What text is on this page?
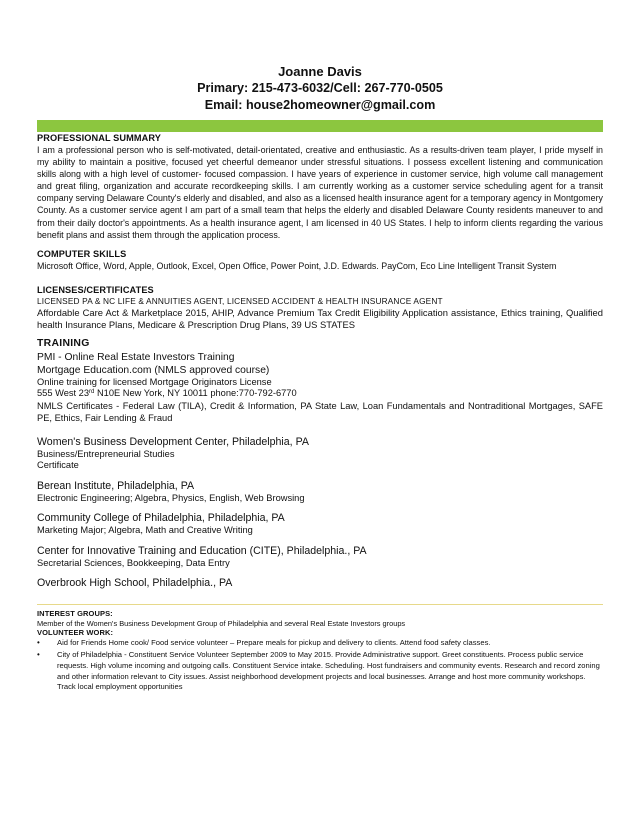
Joanne Davis
Primary: 215-473-6032/Cell: 267-770-0505
Email: house2homeowner@gmail.com
PROFESSIONAL SUMMARY
I am a professional person who is self-motivated, detail-orientated, creative and enthusiastic. As a results-driven team player, I pride myself in my ability to maintain a positive, focused yet cheerful demeanor under stressful situations. I possess excellent listening and communication skills along with a high level of customer- focused compassion. I have years of experience in customer service, high volume call management and great filing, organization and accurate recordkeeping skills. I am currently working as a customer service scheduling agent for a transit company serving Delaware County's elderly and disabled, and also as a licensed health insurance agent for a temporary agency in Montgomery County. As a customer service agent I am part of a small team that helps the elderly and disabled Delaware County residents maneuver to and from their daily doctor's appointments. As a health insurance agent, I am licensed in 40 US States. I help to inform clients regarding the various benefit plans and assist them through the application process.
COMPUTER SKILLS
Microsoft Office, Word, Apple, Outlook, Excel, Open Office, Power Point, J.D. Edwards. PayCom, Eco Line Intelligent Transit System
LICENSES/CERTIFICATES
LICENSED PA & NC LIFE & ANNUITIES AGENT, LICENSED ACCIDENT & HEALTH INSURANCE AGENT
Affordable Care Act & Marketplace 2015, AHIP, Advance Premium Tax Credit Eligibility Application assistance, Ethics training, Qualified health Insurance Plans, Medicare & Prescription Drug Plans, 39 US STATES
TRAINING
PMI - Online Real Estate Investors Training
Mortgage Education.com (NMLS approved course)
Online training for licensed Mortgage Originators License
555 West 23rd N10E New York, NY 10011 phone:770-792-6770
NMLS Certificates - Federal Law (TILA), Credit & Information, PA State Law, Loan Fundamentals and Nontraditional Mortgages, SAFE PE, Ethics, Fair Lending & Fraud
Women's Business Development Center, Philadelphia, PA
Business/Entrepreneurial Studies
Certificate
Berean Institute, Philadelphia, PA
Electronic Engineering; Algebra, Physics, English, Web Browsing
Community College of Philadelphia, Philadelphia, PA
Marketing Major; Algebra, Math and Creative Writing
Center for Innovative Training and Education (CITE), Philadelphia., PA
Secretarial Sciences, Bookkeeping, Data Entry
Overbrook High School, Philadelphia., PA
INTEREST GROUPS:
Member of the Women's Business Development Group of Philadelphia and several Real Estate Investors groups
VOLUNTEER WORK:
• Aid for Friends Home cook/ Food service volunteer – Prepare meals for pickup and delivery to clients. Attend food safety classes.
• City of Philadelphia - Constituent Service Volunteer September 2009 to May 2015. Provide Administrative support. Greet constituents. Process public service requests. High volume incoming and outgoing calls. Constituent Service intake. Scheduling. Host fundraisers and community events. Research and record zoning and other information relevant to City issues. Assist neighborhood development projects and local businesses. Arrange and host more community workshops. Track local employment opportunities
